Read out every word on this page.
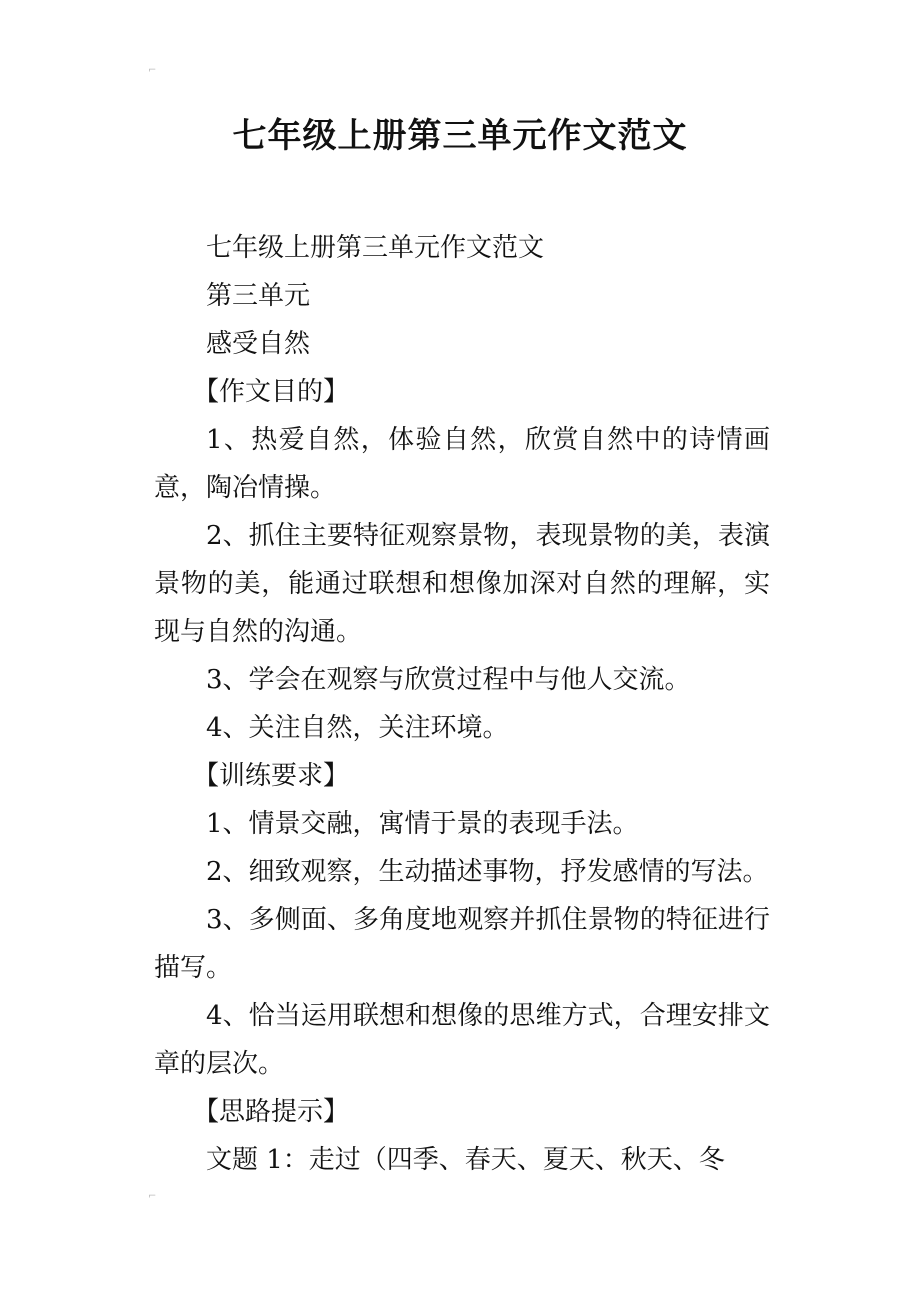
⌐
七年级上册第三单元作文范文

七年级上册第三单元作文范文

第三单元

感受自然

【作文目的】

1、热爱自然，体验自然，欣赏自然中的诗情画意，陶冶情操。

2、抓住主要特征观察景物，表现景物的美，表演景物的美，能通过联想和想像加深对自然的理解，实现与自然的沟通。

3、学会在观察与欣赏过程中与他人交流。

4、关注自然，关注环境。

【训练要求】

1、情景交融，寓情于景的表现手法。

2、细致观察，生动描述事物，抒发感情的写法。

3、多侧面、多角度地观察并抓住景物的特征进行描写。

4、恰当运用联想和想像的思维方式，合理安排文章的层次。

【思路提示】

文题 1：走过（四季、春天、夏天、秋天、冬

⌐
